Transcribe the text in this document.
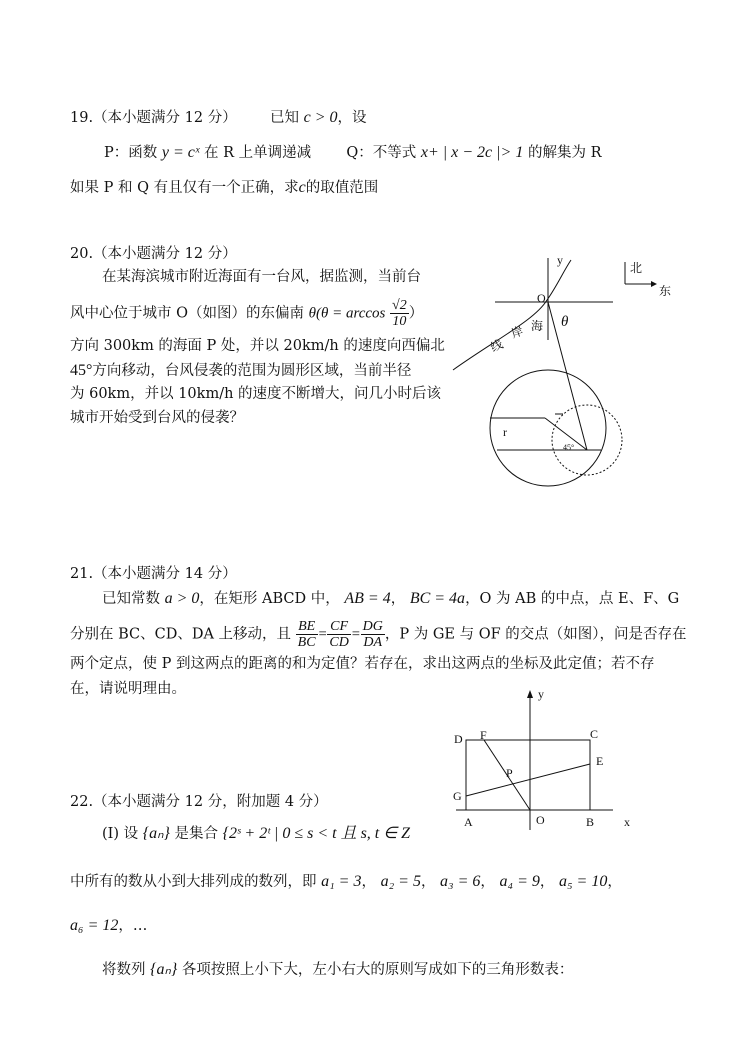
19.（本小题满分 12 分） 已知 c > 0，设
P：函数 y = cˣ 在 R 上单调递减 Q：不等式 x+ | x − 2c |> 1 的解集为 R
如果 P 和 Q 有且仅有一个正确，求c的取值范围
20.（本小题满分 12 分）
在某海滨城市附近海面有一台风，据监测，当前台
风中心位于城市 O（如图）的东偏南 $\theta(\theta = \arccos \frac{√2}{10}$ ）
方向 300km 的海面 P 处，并以 20km/h 的速度向西偏北
45°方向移动，台风侵袭的范围为圆形区域，当前半径
为 60km，并以 10km/h 的速度不断增大，问几小时后该
城市开始受到台风的侵袭？
y
北
东
O
海
岸
线
θ
r
45°
21.（本小题满分 14 分）
已知常数 a > 0，在矩形 ABCD 中， AB = 4， BC = 4a，O 为 AB 的中点，点 E、F、G
分别在 BC、CD、DA 上移动，且 $\frac{BE}{BC} = \frac{CF}{CD} = \frac{DG}{DA}$ ，P 为 GE 与 OF 的交点（如图），问是否存在
两个定点，使 P 到这两点的距离的和为定值？若存在，求出这两点的坐标及此定值；若不存
在，请说明理由。	y
x
D F	C
E
P
G
A	O	B
22.（本小题满分 12 分，附加题 4 分）
(I) 设 {aₙ} 是集合 {2ˢ + 2ᵗ | 0 ≤ s < t 且 s, t ∈ Z
中所有的数从小到大排列成的数列，即 a₁ = 3， a₂ = 5， a₃ = 6， a₄ = 9， a₅ = 10，
a₆ = 12，…
将数列 {aₙ} 各项按照上小下大，左小右大的原则写成如下的三角形数表：
